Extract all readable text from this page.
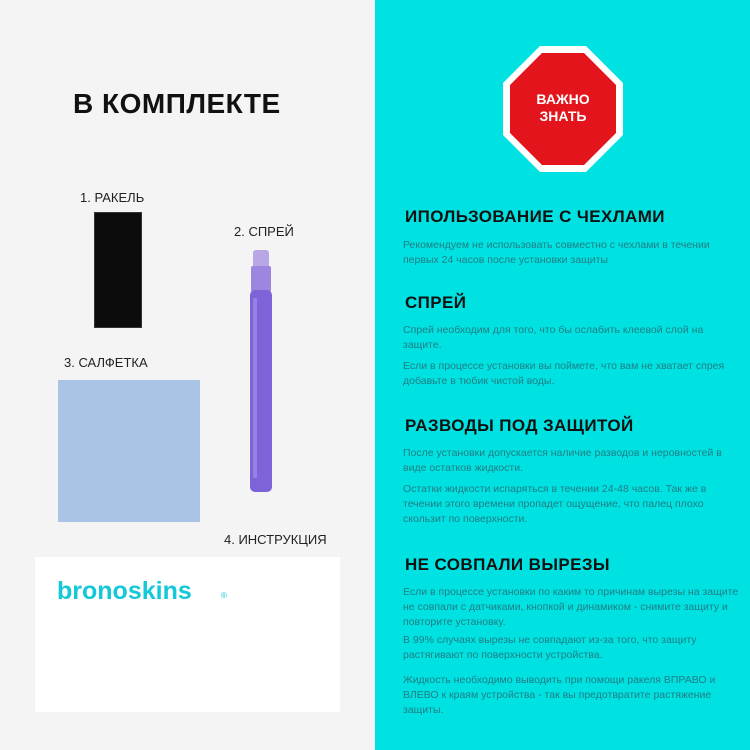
В КОМПЛЕКТЕ
1. РАКЕЛЬ
2. СПРЕЙ
3. САЛФЕТКА
4. ИНСТРУКЦИЯ
bronoskins	®
ВАЖНО
ЗНАТЬ
ИПОЛЬЗОВАНИЕ С ЧЕХЛАМИ
Рекомендуем не использовать совместно с чехлами в течении первых 24 часов после установки защиты
СПРЕЙ
Спрей необходим для того, что бы ослабить клеевой слой на защите.
Если в процессе установки вы поймете, что вам не хватает спрея добавьте в тюбик чистой воды.
РАЗВОДЫ ПОД ЗАЩИТОЙ
После установки допускается наличие разводов и неровностей в виде остатков жидкости.
Остатки жидкости испаряться в течении 24-48 часов. Так же в течении этого времени пропадет ощущение, что палец плохо скользит по поверхности.
НЕ СОВПАЛИ ВЫРЕЗЫ
Если в процессе установки по каким то причинам вырезы на защите не совпали с датчиками, кнопкой и динамиком - снимите защиту и повторите установку.
В 99% случаях вырезы не совпадают из-за того, что защиту растягивают по поверхности устройства.
Жидкость необходимо выводить при помощи ракеля ВПРАВО и ВЛЕВО к краям устройства - так вы предотвратите растяжение защиты.
